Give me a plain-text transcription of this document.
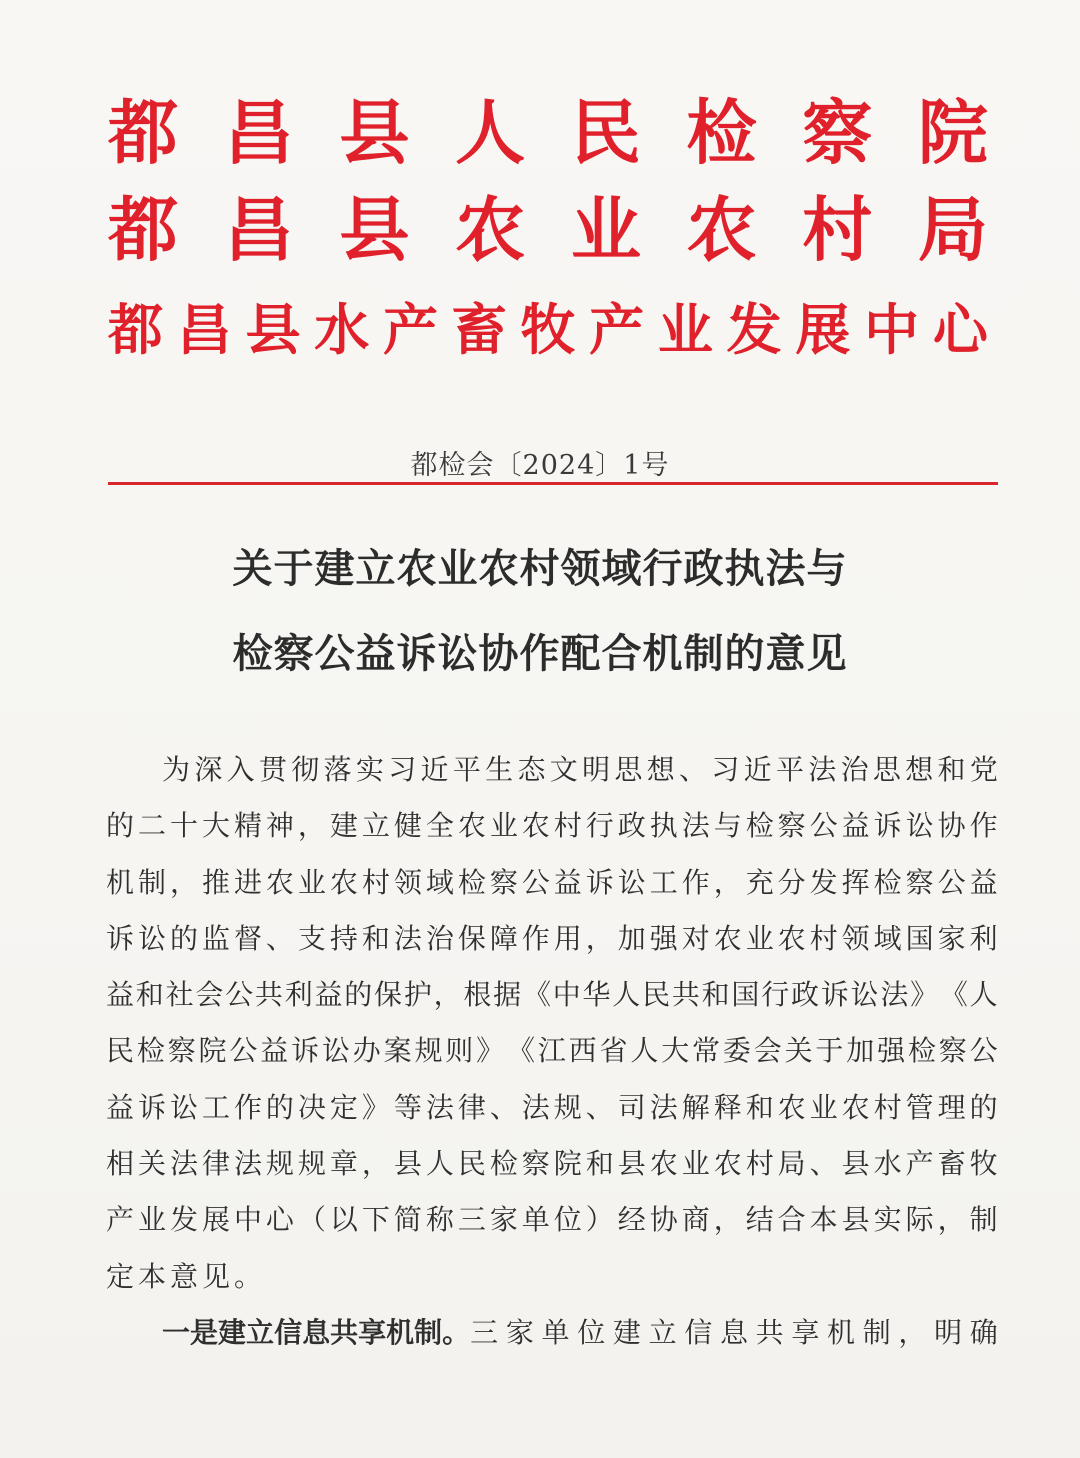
都 昌 县 人 民 检 察 院
都 昌 县 农 业 农 村 局
都 昌 县 水 产 畜 牧 产 业 发 展 中 心
都检会〔2024〕1号
关于建立农业农村领域行政执法与
检察公益诉讼协作配合机制的意见
为 深 入 贯 彻 落 实 习 近 平 生 态 文 明 思 想 、 习 近 平 法 治 思 想 和 党
的 二 十 大 精 神 ， 建 立 健 全 农 业 农 村 行 政 执 法 与 检 察 公 益 诉 讼 协 作
机 制 ， 推 进 农 业 农 村 领 域 检 察 公 益 诉 讼 工 作 ， 充 分 发 挥 检 察 公 益
诉 讼 的 监 督 、 支 持 和 法 治 保 障 作 用 ， 加 强 对 农 业 农 村 领 域 国 家 利
益 和 社 会 公 共 利 益 的 保 护 ， 根 据 《 中 华 人 民 共 和 国 行 政 诉 讼 法 》 《 人
民 检 察 院 公 益 诉 讼 办 案 规 则 》 《 江 西 省 人 大 常 委 会 关 于 加 强 检 察 公
益 诉 讼 工 作 的 决 定 》 等 法 律 、 法 规 、 司 法 解 释 和 农 业 农 村 管 理 的
相 关 法 律 法 规 规 章 ， 县 人 民 检 察 院 和 县 农 业 农 村 局 、 县 水 产 畜 牧
产 业 发 展 中 心 （ 以 下 简 称 三 家 单 位 ） 经 协 商 ， 结 合 本 县 实 际 ， 制
定本意见。
一 是 建 立 信 息 共 享 机 制 。 三 家 单 位 建 立 信 息 共 享 机 制 ， 明 确
